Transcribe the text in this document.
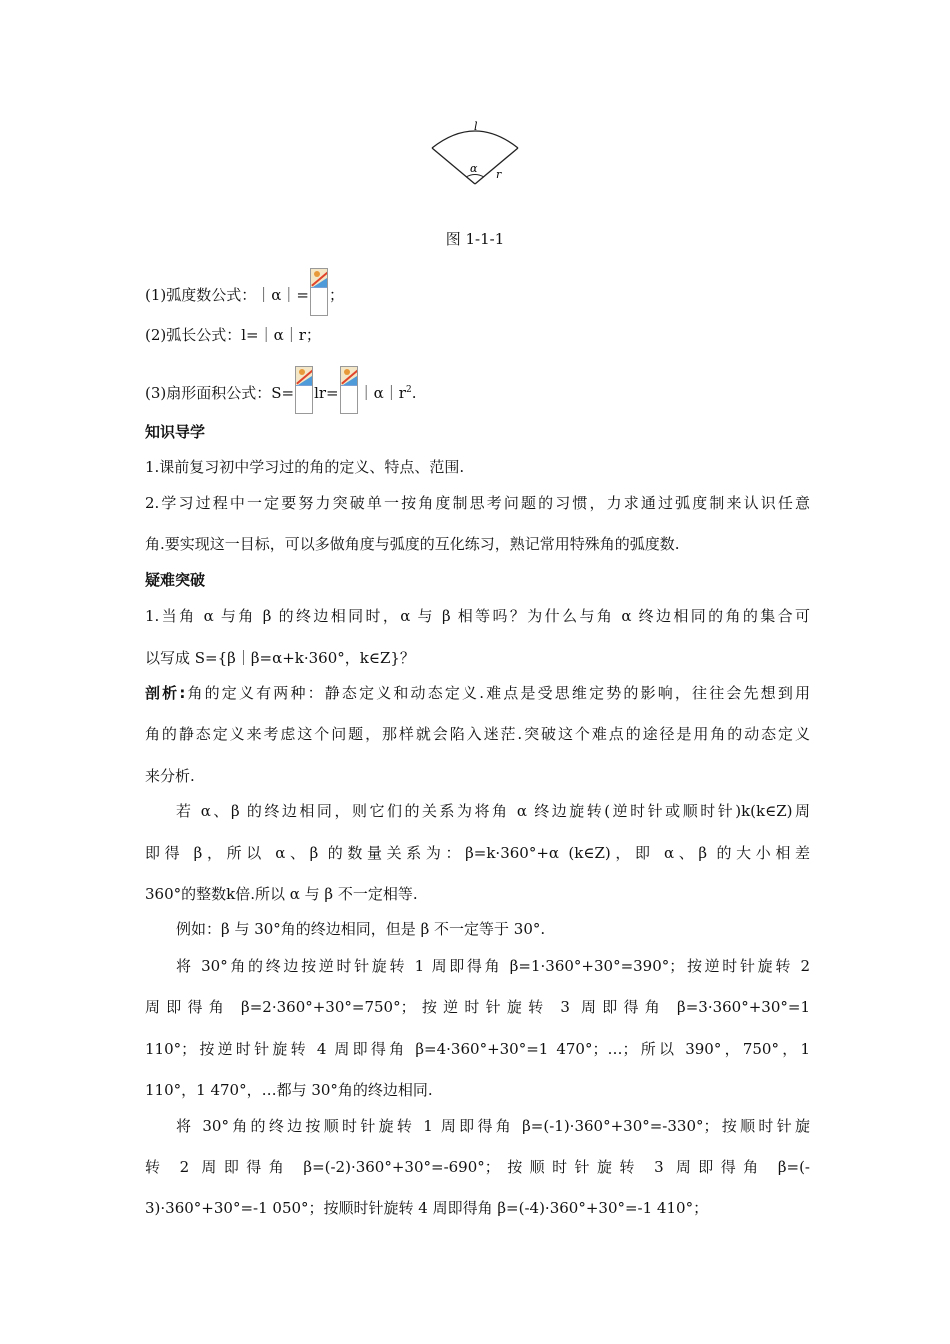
l
α r
图 1-1-1
(1)弧度数公式：｜α｜= ；
(2)弧长公式：l=｜α｜r；
(3)扇形面积公式：$S= lr= |\alpha|r^2$.
知识导学
1.课前复习初中学习过的角的定义、特点、范围.
2.学习过程中一定要努力突破单一按角度制思考问题的习惯，力求通过弧度制来认识任意
角.要实现这一目标，可以多做角度与弧度的互化练习，熟记常用特殊角的弧度数.
疑难突破
1.当角 α 与角 β 的终边相同时，α 与 β 相等吗？为什么与角 α 终边相同的角的集合可
以写成 S={β｜β=α+k·360°，k∈Z}？
剖析:角的定义有两种：静态定义和动态定义.难点是受思维定势的影响，往往会先想到用
角的静态定义来考虑这个问题，那样就会陷入迷茫.突破这个难点的途径是用角的动态定义
来分析.
若 α、β 的终边相同，则它们的关系为将角 α 终边旋转(逆时针或顺时针)k(k∈Z)周
即得 β，所以 α、β 的数量关系为：β=k·360°+α (k∈Z)，即 α、β 的大小相差
360°的整数k倍.所以 α 与 β 不一定相等.
例如：β 与 30°角的终边相同，但是 β 不一定等于 30°.
将 30°角的终边按逆时针旋转 1 周即得角 β=1·360°+30°=390°；按逆时针旋转 2
周即得角 β=2·360°+30°=750°；按逆时针旋转 3 周即得角 β=3·360°+30°=1
110°；按逆时针旋转 4 周即得角 β=4·360°+30°=1 470°；…；所以 390°，750°，1
110°，1 470°，…都与 30°角的终边相同.
将 30°角的终边按顺时针旋转 1 周即得角 β=(-1)·360°+30°=-330°；按顺时针旋
转 2 周即得角 β=(-2)·360°+30°=-690°；按顺时针旋转 3 周即得角 β=(-
3)·360°+30°=-1 050°；按顺时针旋转 4 周即得角 β=(-4)·360°+30°=-1 410°；
